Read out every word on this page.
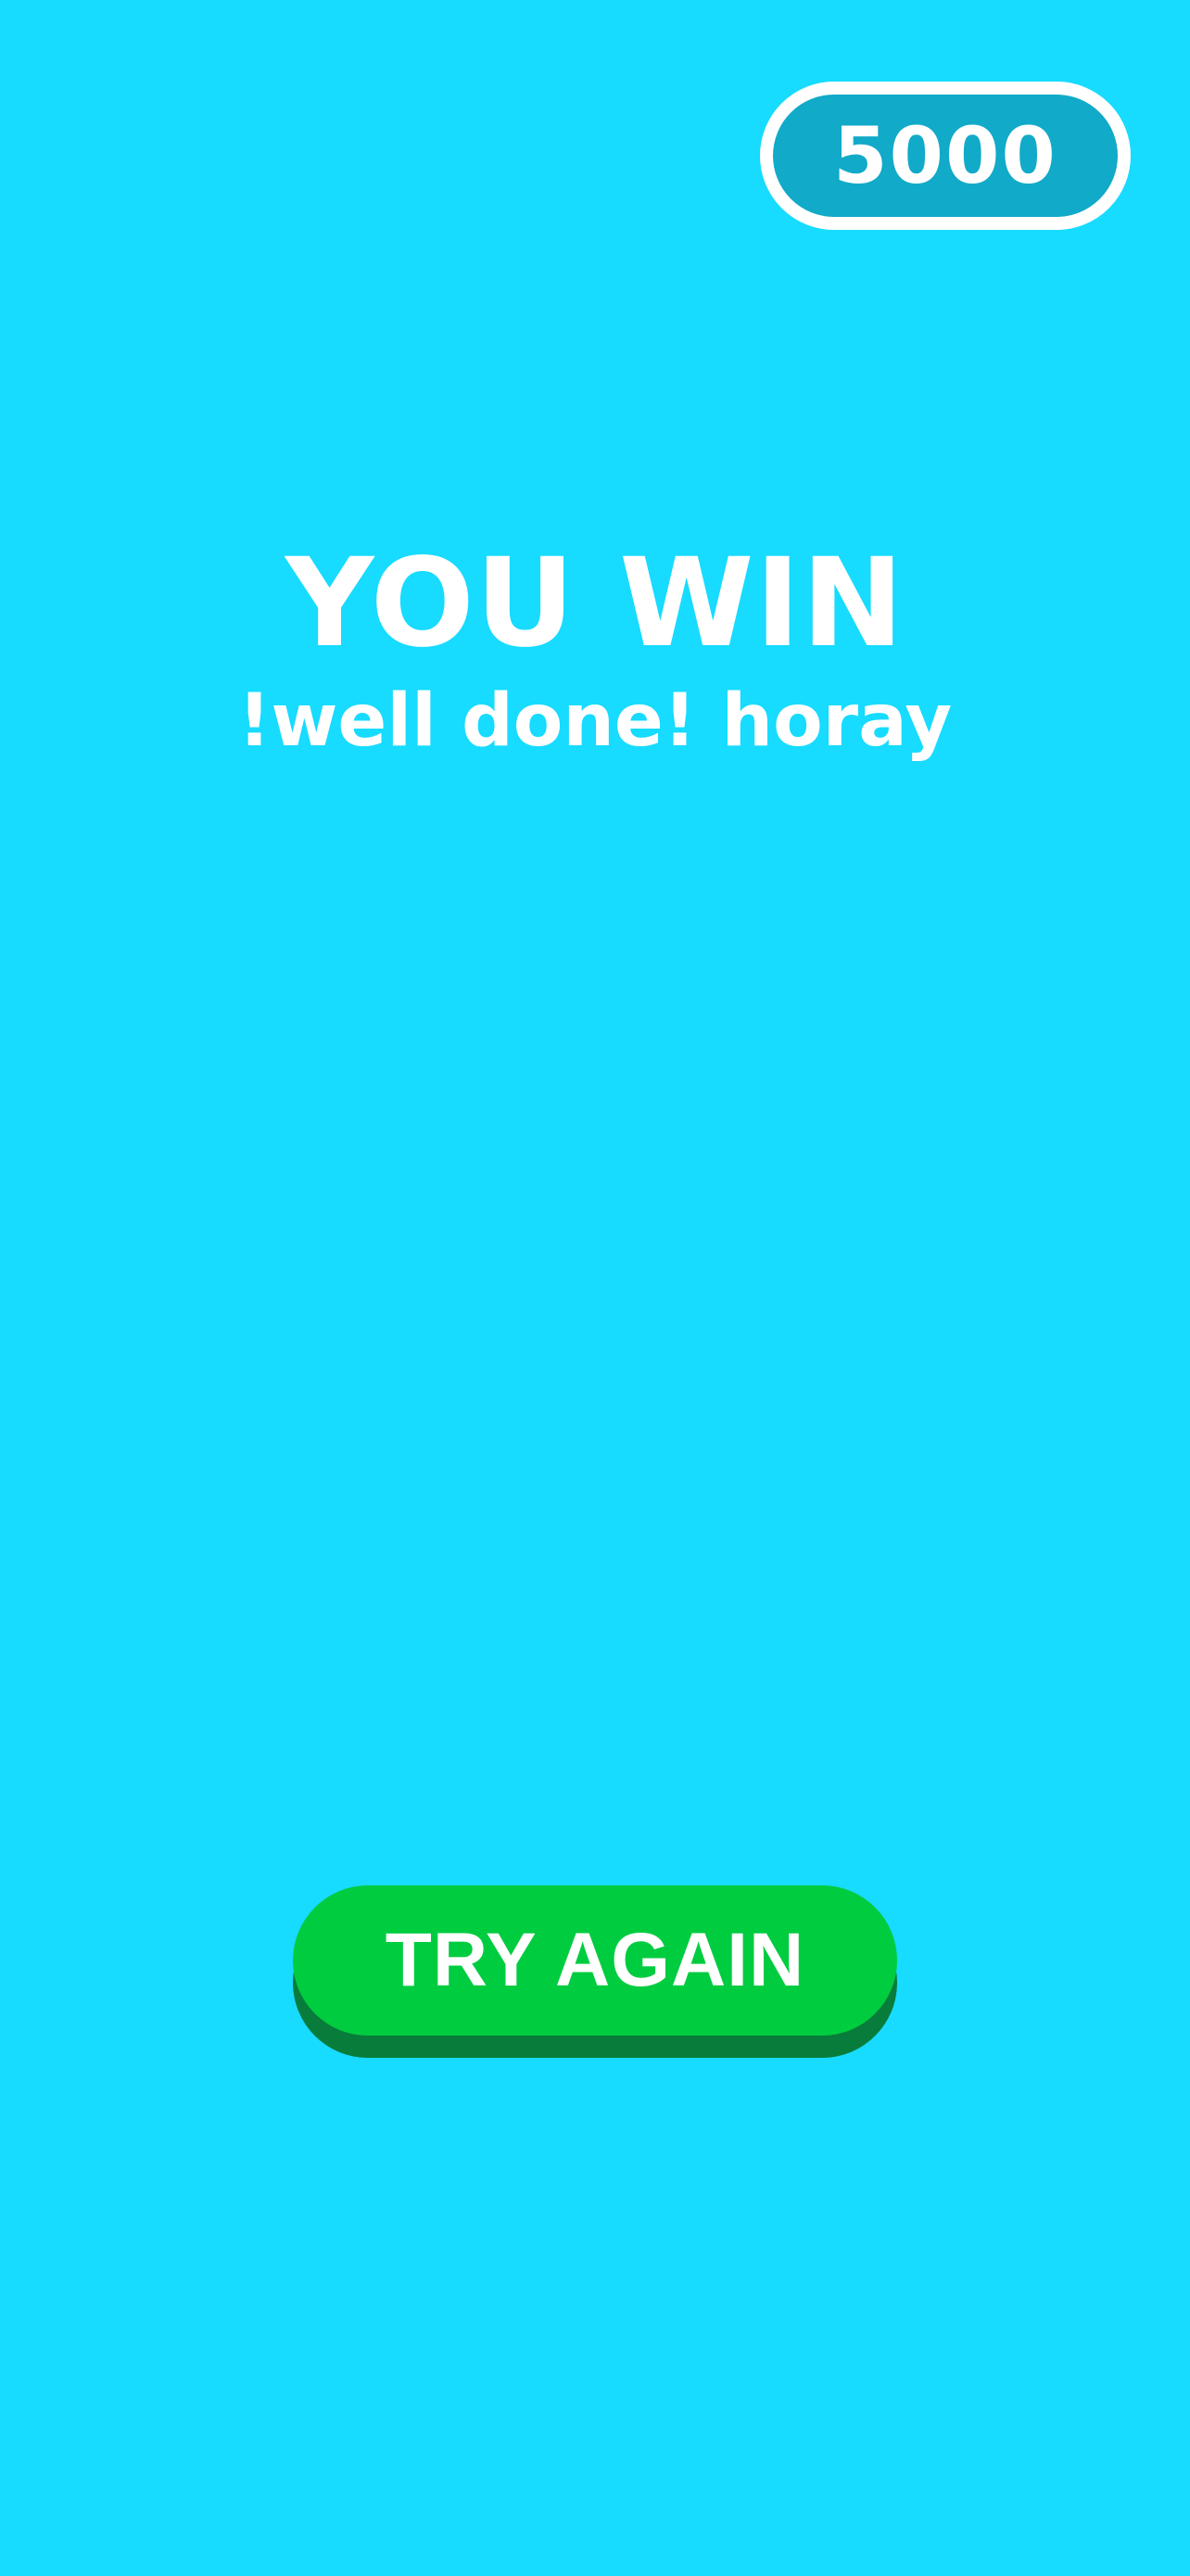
5000
YOU WIN
!well done! horay
TRY AGAIN
